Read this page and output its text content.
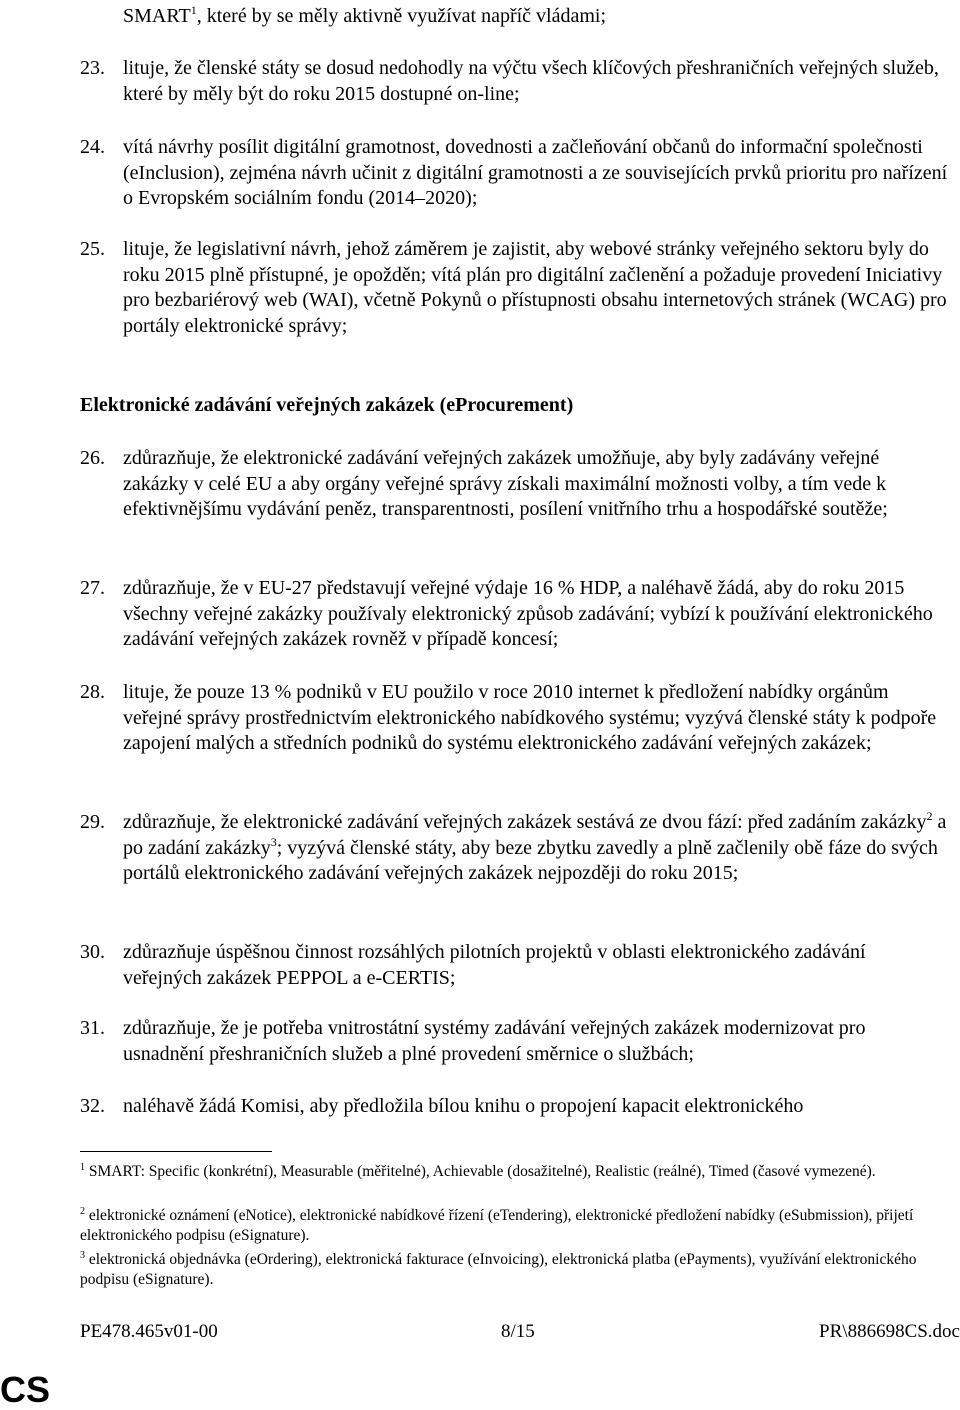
SMART$^1$, které by se měly aktivně využívat napříč vládami;
23. lituje, že členské státy se dosud nedohodly na výčtu všech klíčových přeshraničních veřejných služeb, které by měly být do roku 2015 dostupné on-line;
24. vítá návrhy posílit digitální gramotnost, dovednosti a začleňování občanů do informační společnosti (eInclusion), zejména návrh učinit z digitální gramotnosti a ze souvisejících prvků prioritu pro nařízení o Evropském sociálním fondu (2014–2020);
25. lituje, že legislativní návrh, jehož záměrem je zajistit, aby webové stránky veřejného sektoru byly do roku 2015 plně přístupné, je opožděn; vítá plán pro digitální začlenění a požaduje provedení Iniciativy pro bezbariérový web (WAI), včetně Pokynů o přístupnosti obsahu internetových stránek (WCAG) pro portály elektronické správy;
Elektronické zadávání veřejných zakázek (eProcurement)
26. zdůrazňuje, že elektronické zadávání veřejných zakázek umožňuje, aby byly zadávány veřejné zakázky v celé EU a aby orgány veřejné správy získali maximální možnosti volby, a tím vede k efektivnějšímu vydávání peněz, transparentnosti, posílení vnitřního trhu a hospodářské soutěže;
27. zdůrazňuje, že v EU-27 představují veřejné výdaje 16 % HDP, a naléhavě žádá, aby do roku 2015 všechny veřejné zakázky používaly elektronický způsob zadávání; vybízí k používání elektronického zadávání veřejných zakázek rovněž v případě koncesí;
28. lituje, že pouze 13 % podniků v EU použilo v roce 2010 internet k předložení nabídky orgánům veřejné správy prostřednictvím elektronického nabídkového systému; vyzývá členské státy k podpoře zapojení malých a středních podniků do systému elektronického zadávání veřejných zakázek;
29. zdůrazňuje, že elektronické zadávání veřejných zakázek sestává ze dvou fází: před zadáním zakázky$^2$ a po zadání zakázky$^3$; vyzývá členské státy, aby beze zbytku zavedly a plně začlenily obě fáze do svých portálů elektronického zadávání veřejných zakázek nejpozději do roku 2015;
30. zdůrazňuje úspěšnou činnost rozsáhlých pilotních projektů v oblasti elektronického zadávání veřejných zakázek PEPPOL a e-CERTIS;
31. zdůrazňuje, že je potřeba vnitrostátní systémy zadávání veřejných zakázek modernizovat pro usnadnění přeshraničních služeb a plné provedení směrnice o službách;
32. naléhavě žádá Komisi, aby předložila bílou knihu o propojení kapacit elektronického
$^1$ SMART: Specific (konkrétní), Measurable (měřitelné), Achievable (dosažitelné), Realistic (reálné), Timed (časové vymezené).
$^2$ elektronické oznámení (eNotice), elektronické nabídkové řízení (eTendering), elektronické předložení nabídky (eSubmission), přijetí elektronického podpisu (eSignature).
$^3$ elektronická objednávka (eOrdering), elektronická fakturace (eInvoicing), elektronická platba (ePayments), využívání elektronického podpisu (eSignature).
PE478.465v01-00	8/15	PR\886698CS.doc
CS
